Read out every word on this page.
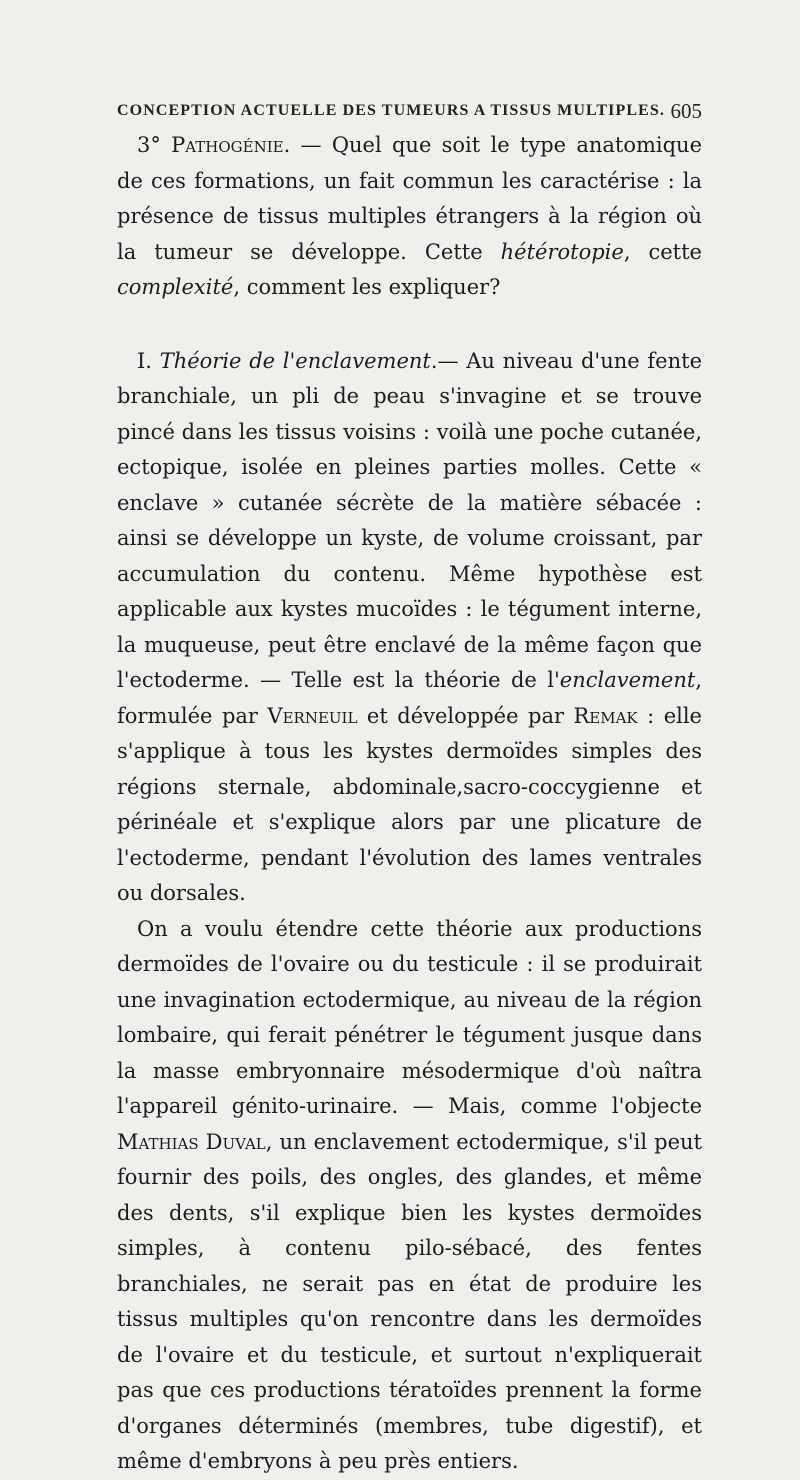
CONCEPTION ACTUELLE DES TUMEURS A TISSUS MULTIPLES. 605

3° Pathogénie. — Quel que soit le type anatomique de ces formations, un fait commun les caractérise : la présence de tissus multiples étrangers à la région où la tumeur se développe. Cette hétérotopie, cette complexité, comment les expliquer?

I. Théorie de l'enclavement.— Au niveau d'une fente branchiale, un pli de peau s'invagine et se trouve pincé dans les tissus voisins : voilà une poche cutanée, ectopique, isolée en pleines parties molles. Cette « enclave » cutanée sécrète de la matière sébacée : ainsi se développe un kyste, de volume croissant, par accumulation du contenu. Même hypothèse est applicable aux kystes mucoïdes : le tégument interne, la muqueuse, peut être enclavé de la même façon que l'ectoderme. — Telle est la théorie de l'enclavement, formulée par Verneuil et développée par Remak : elle s'applique à tous les kystes dermoïdes simples des régions sternale, abdominale,sacro-coccygienne et périnéale et s'explique alors par une plicature de l'ectoderme, pendant l'évolution des lames ventrales ou dorsales.

On a voulu étendre cette théorie aux productions dermoïdes de l'ovaire ou du testicule : il se produirait une invagination ectodermique, au niveau de la région lombaire, qui ferait pénétrer le tégument jusque dans la masse embryonnaire mésodermique d'où naîtra l'appareil génito-urinaire. — Mais, comme l'objecte Mathias Duval, un enclavement ectodermique, s'il peut fournir des poils, des ongles, des glandes, et même des dents, s'il explique bien les kystes dermoïdes simples, à contenu pilo-sébacé, des fentes branchiales, ne serait pas en état de produire les tissus multiples qu'on rencontre dans les dermoïdes de l'ovaire et du testicule, et surtout n'expliquerait pas que ces productions tératoïdes prennent la forme d'organes déterminés (membres, tube digestif), et même d'embryons à peu près entiers.
